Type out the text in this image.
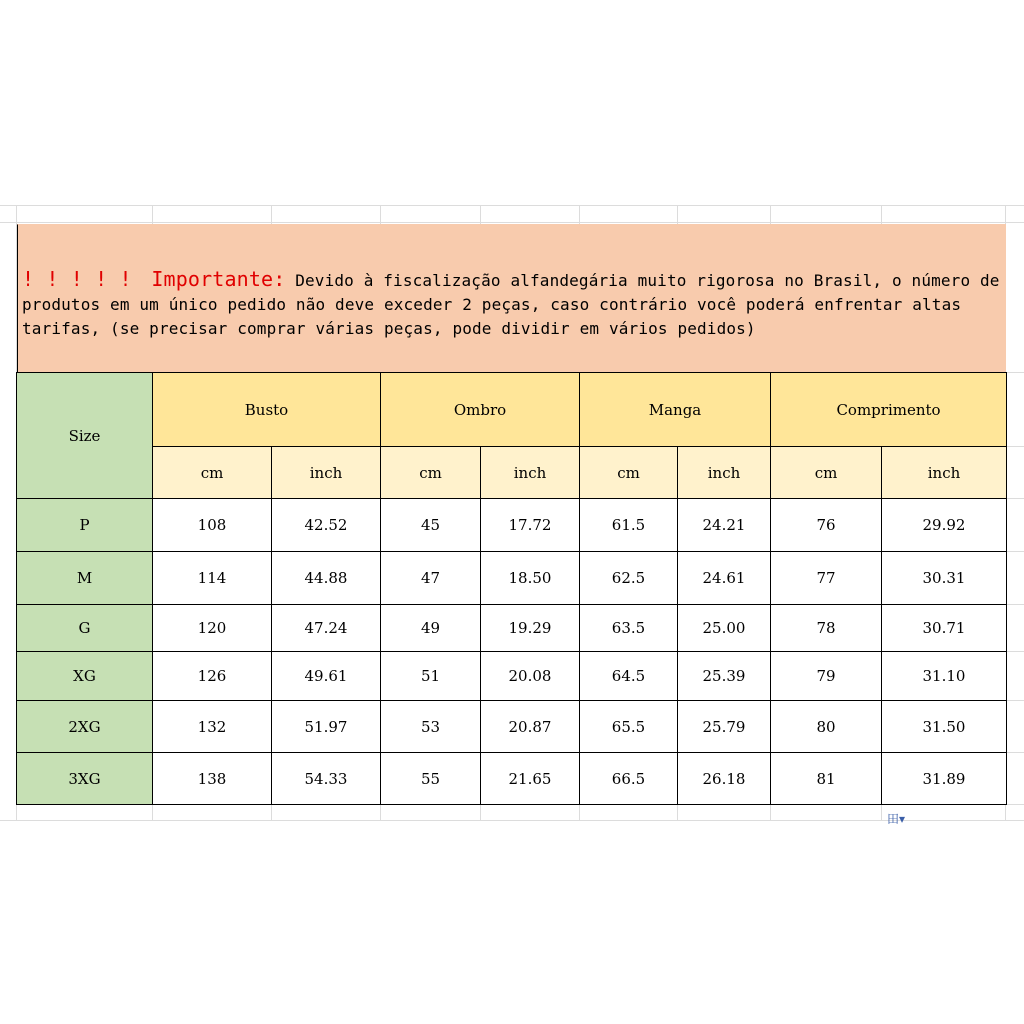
! ! ! ! ! Importante: Devido à fiscalização alfandegária muito rigorosa no Brasil, o número de produtos em um único pedido não deve exceder 2 peças, caso contrário você poderá enfrentar altas tarifas, (se precisar comprar várias peças, pode dividir em vários pedidos)
Size	Busto		Ombro		Manga		Comprimento	
	cm	inch	cm	inch	cm	inch	cm	inch
P	108	42.52	45	17.72	61.5	24.21	76	29.92
M	114	44.88	47	18.50	62.5	24.61	77	30.31
G	120	47.24	49	19.29	63.5	25.00	78	30.71
XG	126	49.61	51	20.08	64.5	25.39	79	31.10
2XG	132	51.97	53	20.87	65.5	25.79	80	31.50
3XG	138	54.33	55	21.65	66.5	26.18	81	31.89
田▾
